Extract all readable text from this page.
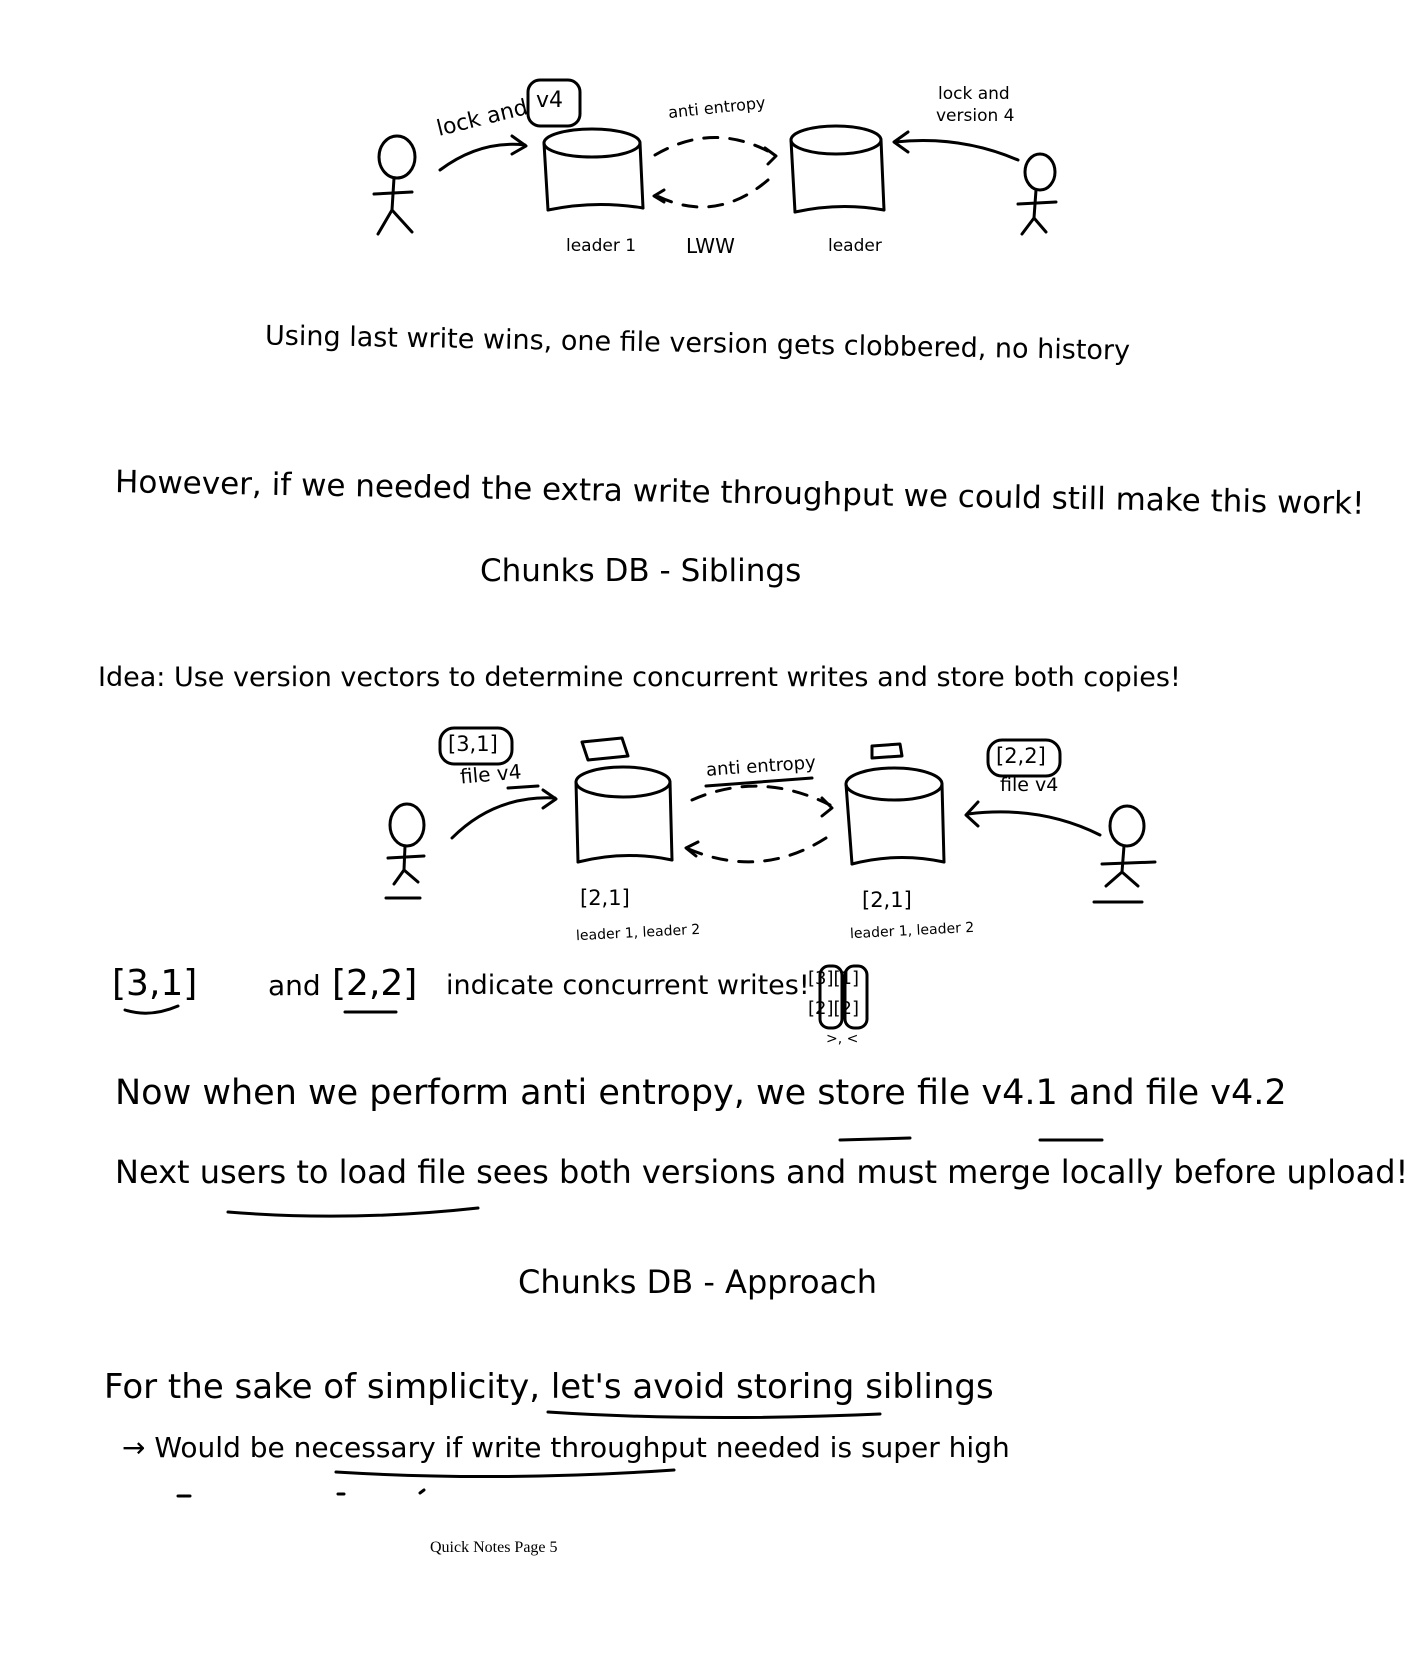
lock and v4	anti entropy	lock and
version 4
leader 1 LWW	leader
Using last write wins, one file version gets clobbered, no history
However, if we needed the extra write throughput we could still make this work!
Chunks DB - Siblings
Idea: Use version vectors to determine concurrent writes and store both copies!
[3,1]
file v4	anti entropy	[2,2]
file v4
[2,1]
leader 1, leader 2
[2,1]
leader 1, leader 2
[3,1]	and [2,2] indicate concurrent writes!
[3][1]
[2][2]
>, <
Now when we perform anti entropy, we store file v4.1 and file v4.2
Next users to load file sees both versions and must merge locally before upload!
Chunks DB - Approach
For the sake of simplicity, let's avoid storing siblings
→ Would be necessary if write throughput needed is super high
Quick Notes Page 5
